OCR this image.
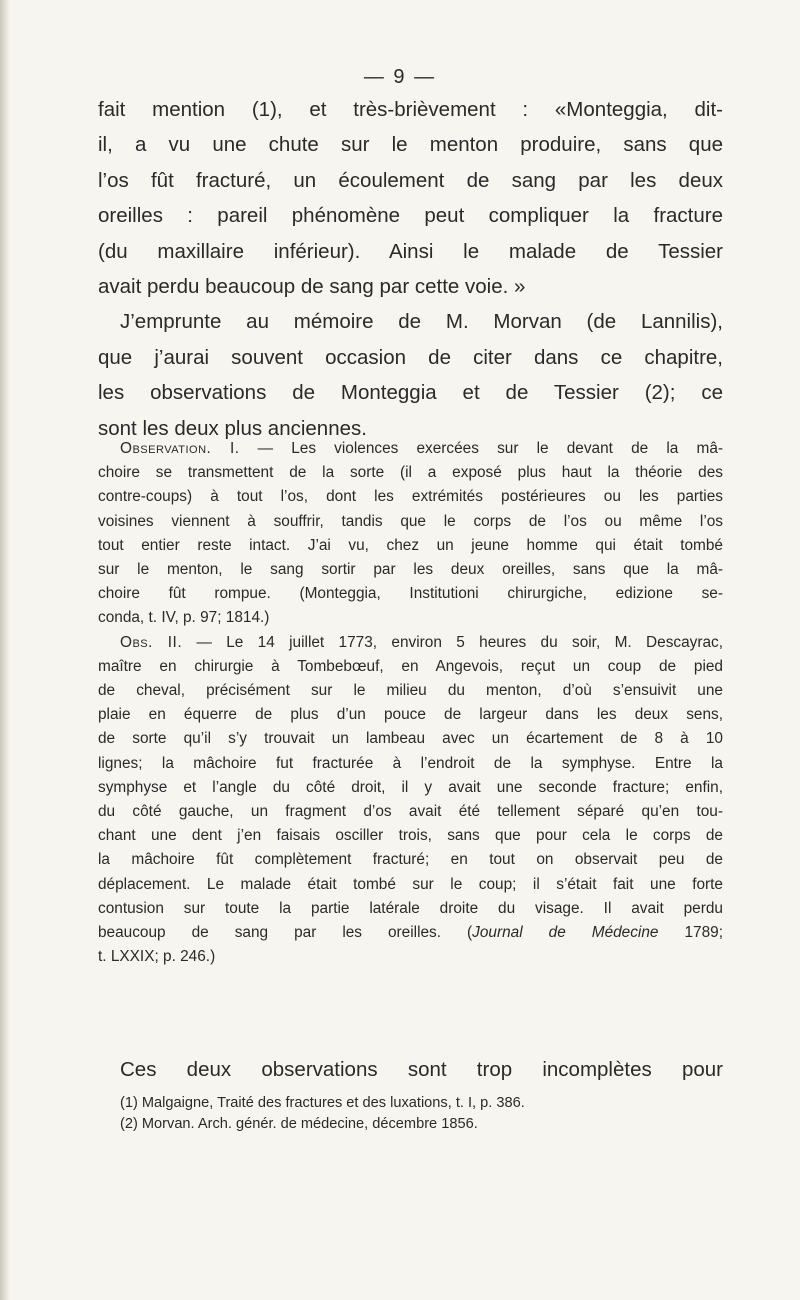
— 9 —
fait mention (1), et très-brièvement : «Monteggia, dit-
il, a vu une chute sur le menton produire, sans que
l’os fût fracturé, un écoulement de sang par les deux
oreilles : pareil phénomène peut compliquer la fracture
(du maxillaire inférieur). Ainsi le malade de Tessier
avait perdu beaucoup de sang par cette voie. »
J’emprunte au mémoire de M. Morvan (de Lannilis),
que j’aurai souvent occasion de citer dans ce chapitre,
les observations de Monteggia et de Tessier (2); ce
sont les deux plus anciennes.
Observation. I. — Les violences exercées sur le devant de la mâ-
choire se transmettent de la sorte (il a exposé plus haut la théorie des
contre-coups) à tout l’os, dont les extrémités postérieures ou les parties
voisines viennent à souffrir, tandis que le corps de l’os ou même l’os
tout entier reste intact. J’ai vu, chez un jeune homme qui était tombé
sur le menton, le sang sortir par les deux oreilles, sans que la mâ-
choire fût rompue. (Monteggia, Institutioni chirurgiche, edizione se-
conda, t. IV, p. 97; 1814.)
Obs. II. — Le 14 juillet 1773, environ 5 heures du soir, M. Descayrac,
maître en chirurgie à Tombebœuf, en Angevois, reçut un coup de pied
de cheval, précisément sur le milieu du menton, d’où s’ensuivit une
plaie en équerre de plus d’un pouce de largeur dans les deux sens,
de sorte qu’il s’y trouvait un lambeau avec un écartement de 8 à 10
lignes; la mâchoire fut fracturée à l’endroit de la symphyse. Entre la
symphyse et l’angle du côté droit, il y avait une seconde fracture; enfin,
du côté gauche, un fragment d’os avait été tellement séparé qu’en tou-
chant une dent j’en faisais osciller trois, sans que pour cela le corps de
la mâchoire fût complètement fracturé; en tout on observait peu de
déplacement. Le malade était tombé sur le coup; il s’était fait une forte
contusion sur toute la partie latérale droite du visage. Il avait perdu
beaucoup de sang par les oreilles. (Journal de Médecine 1789;
t. LXXIX; p. 246.)
Ces deux observations sont trop incomplètes pour
(1) Malgaigne, Traité des fractures et des luxations, t. I, p. 386.
(2) Morvan. Arch. génér. de médecine, décembre 1856.
